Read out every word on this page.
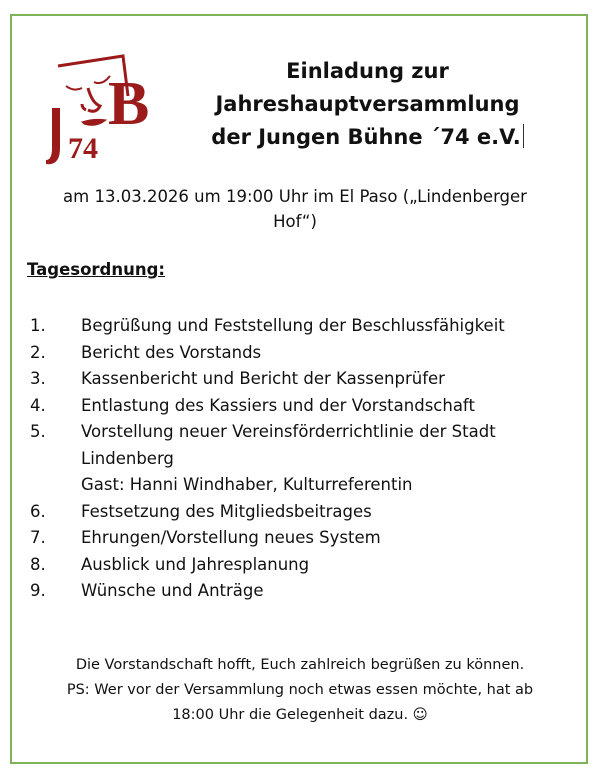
B
74
Einladung zur
Jahreshauptversammlung
der Jungen Bühne ´74 e.V.
am 13.03.2026 um 19:00 Uhr im El Paso („Lindenberger
Hof“)
Tagesordnung:
1.	Begrüßung und Feststellung der Beschlussfähigkeit
2.	Bericht des Vorstands
3.	Kassenbericht und Bericht der Kassenprüfer
4.	Entlastung des Kassiers und der Vorstandschaft
5.	Vorstellung neuer Vereinsförderrichtlinie der Stadt
Lindenberg
Gast: Hanni Windhaber, Kulturreferentin
6.	Festsetzung des Mitgliedsbeitrages
7.	Ehrungen/Vorstellung neues System
8.	Ausblick und Jahresplanung
9.	Wünsche und Anträge
Die Vorstandschaft hofft, Euch zahlreich begrüßen zu können.
PS: Wer vor der Versammlung noch etwas essen möchte, hat ab
18:00 Uhr die Gelegenheit dazu. ☺
